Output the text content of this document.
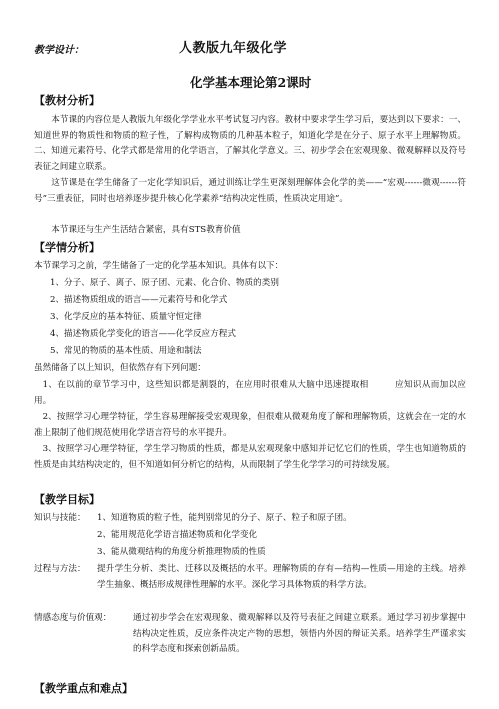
教学设计：	人教版九年级化学
化学基本理论第2课时
【教材分析】
本节课的内容位是人教版九年级化学学业水平考试复习内容。教材中要求学生学习后，要达到以下要求：一、知道世界的物质性和物质的粒子性，了解构成物质的几种基本粒子，知道化学是在分子、原子水平上理解物质。二、知道元素符号、化学式都是常用的化学语言，了解其化学意义。三、初步学会在宏观现象、微观解释以及符号表征之间建立联系。
这节课是在学生储备了一定化学知识后，通过训练让学生更深刻理解体会化学的美——“宏观------微观------符号”三重表征，同时也培养逐步提升核心化学素养“结构决定性质，性质决定用途”。
本节课还与生产生活结合紧密，具有STS教育价值
【学情分析】
本节课学习之前，学生储备了一定的化学基本知识。具体有以下：
1、分子、原子、离子、原子团、元素、化合价、物质的类别
2、描述物质组成的语言——元素符号和化学式
3、化学反应的基本特征、质量守恒定律
4、描述物质化学变化的语言——化学反应方程式
5、常见的物质的基本性质、用途和制法
虽然储备了以上知识，但依然存有下列问题：
1、在以前的章节学习中，这些知识都是割裂的，在应用时很难从大脑中迅速提取相　　　应知识从而加以应用。
2、按照学习心理学特征，学生容易理解接受宏观现象，但很难从微观角度了解和理解物质，这就会在一定的水准上限制了他们规范使用化学语言符号的水平提升。
3、按照学习心理学特征，学生学习物质的性质，都是从宏观现象中感知并记忆它们的性质，学生也知道物质的性质是由其结构决定的，但不知道如何分析它的结构，从而限制了学生化学学习的可持续发展。
【教学目标】
知识与技能： 1、知道物质的粒子性，能判别常见的分子、原子、粒子和原子团。
2、能用规范化学语言描述物质和化学变化
3、能从微观结构的角度分析推理物质的性质
过程与方法： 提升学生分析、类比、迁移以及概括的水平。理解物质的存有—结构—性质—用途的主线。培养学生抽象、概括形成规律性理解的水平。深化学习具体物质的科学方法。
情感态度与价值观：	通过初步学会在宏观现象、微观解释以及符号表征之间建立联系。通过学习初步掌握中结构决定性质，反应条件决定产物的思想，领悟内外因的辩证关系。培养学生严谨求实的科学态度和探索创新品质。
【教学重点和难点】
